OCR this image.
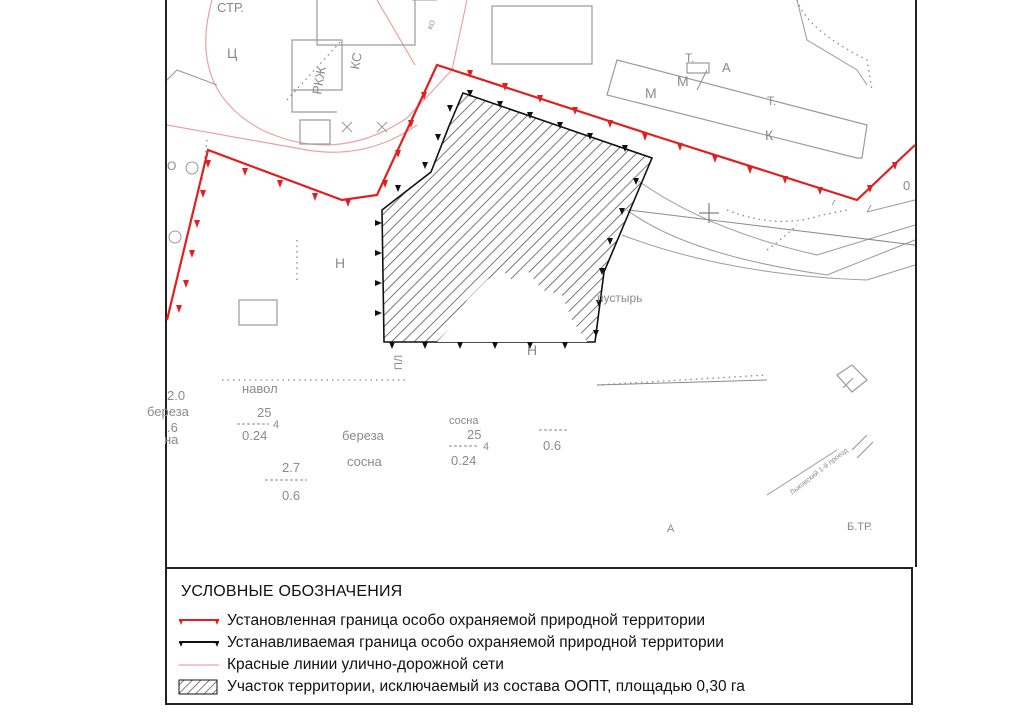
СТР.
Ц
РКЖ
КС	Т.
А
М
М
Т.
К
Н
Н
пустырь
ПЛ
навол
2.0
береза
.6
на
25
4
0.24	береза
сосна
25
4
0.24
сосна
0.6
2.7
0.6	Лыковский 1-й проезд
Б.ТР.
А
0
О
КО
УСЛОВНЫЕ ОБОЗНАЧЕНИЯ
Установленная граница особо охраняемой природной территории
Устанавливаемая граница особо охраняемой природной территории
Красные линии улично-дорожной сети
Участок территории, исключаемый из состава ООПТ, площадью 0,30 га
